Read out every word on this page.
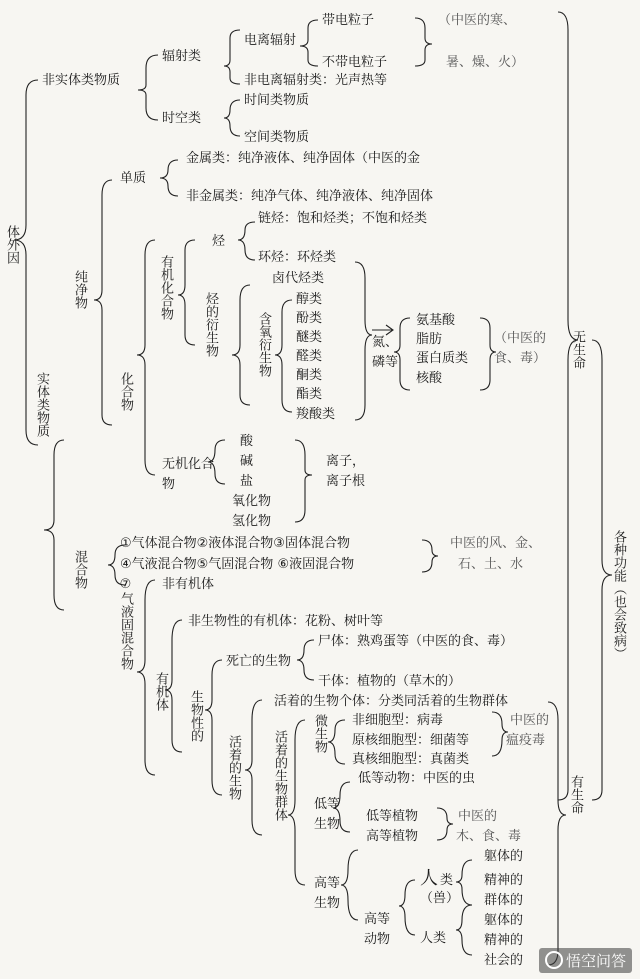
体外因
非实体类物质
辐射类
电离辐射
带电粒子
不带电粒子
（中医的寒、
暑、燥、火）
非电离辐射类：光声热等
时空类
时间类物质
空间类物质
实体类物质
纯净物
单质
金属类：纯净液体、纯净固体（中医的金
非金属类：纯净气体、纯净液体、纯净固体
化合物
有机化合物
烃
链烃：饱和烃类；不饱和烃类
环烃：环烃类
烃的衍生物
卤代烃类
含氧衍生物
醇类
酚类
醚类
醛类
酮类
酯类
羧酸类
氮、磷等
氨基酸
脂肪
蛋白质类
核酸
（中医的
食、毒）
无机化合物
酸
碱
盐
氧化物
氢化物
离子，
离子根
混合物
①气体混合物②液体混合物③固体混合物
④气液混合物⑤气固混合物 ⑥液固混合物
⑦气液固混合物
中医的风、金、
石、土、水
非有机体
有机体
非生物性的有机体：花粉、树叶等
生物性的
死亡的生物
尸体：熟鸡蛋等（中医的食、毒）
干体：植物的（草木的）
活着的生物
活着的生物个体：分类同活着的生物群体
活着的生物群体 微生物 非细胞型：病毒
原核细胞型：细菌等
真核细胞型：真菌类
中医的
瘟疫毒
低等生物
低等动物：中医的虫
低等植物
高等植物
中医的
木、食、毒
高等生物
高等动物
人 类
（兽）
人类
躯体的
精神的
群体的
躯体的
精神的
社会的
无生命
各种功能（也会致病）
有生命
悟空问答
